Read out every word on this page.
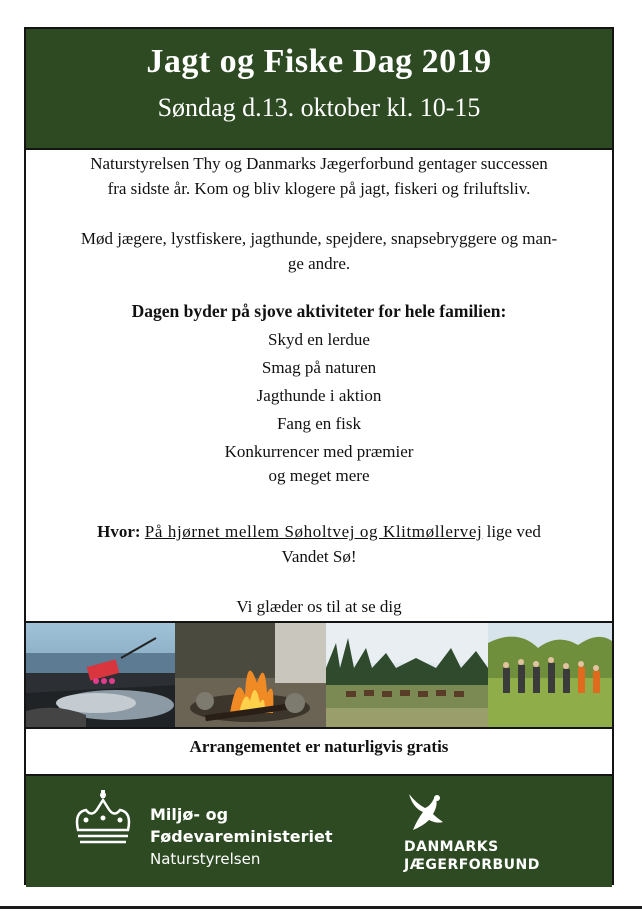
Jagt og Fiske Dag 2019
Søndag d.13. oktober kl. 10-15
Naturstyrelsen Thy og Danmarks Jægerforbund gentager successen
fra sidste år. Kom og bliv klogere på jagt, fiskeri og friluftsliv.
Mød jægere, lystfiskere, jagthunde, spejdere, snapsebryggere og man-
ge andre.
Dagen byder på sjove aktiviteter for hele familien:
Skyd en lerdue
Smag på naturen
Jagthunde i aktion
Fang en fisk
Konkurrencer med præmier
og meget mere
Hvor: På hjørnet mellem Søholtvej og Klitmøllervej lige ved
Vandet Sø!
Vi glæder os til at se dig
Arrangementet er naturligvis gratis
Miljø- og
Fødevareministeriet
Naturstyrelsen
DANMARKS
JÆGERFORBUND
